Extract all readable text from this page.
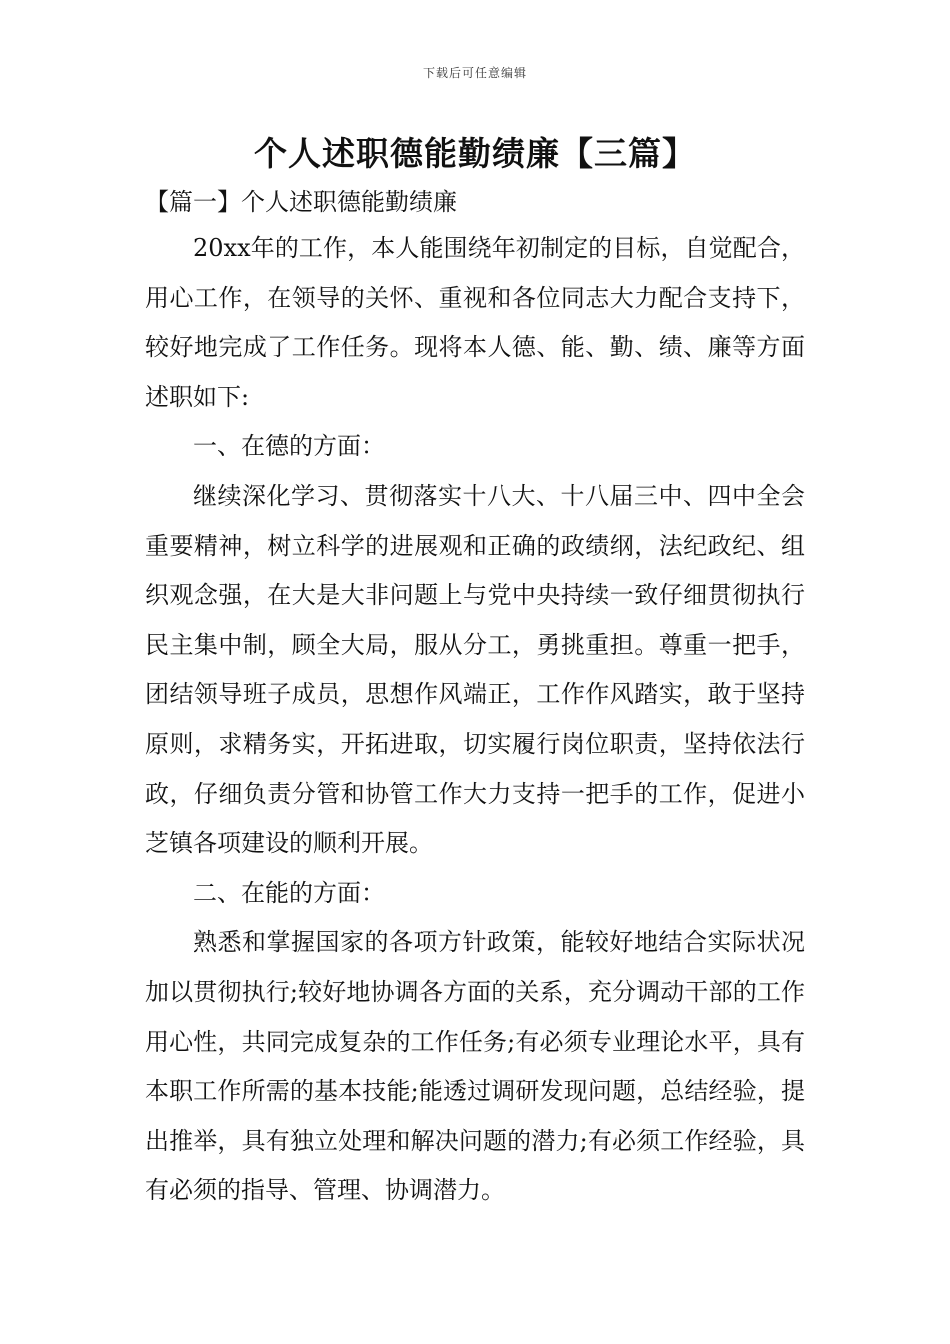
下载后可任意编辑
个人述职德能勤绩廉【三篇】
【篇一】个人述职德能勤绩廉

20xx年的工作，本人能围绕年初制定的目标，自觉配合，用心工作，在领导的关怀、重视和各位同志大力配合支持下，较好地完成了工作任务。现将本人德、能、勤、绩、廉等方面述职如下:

一、在德的方面：

继续深化学习、贯彻落实十八大、十八届三中、四中全会重要精神，树立科学的进展观和正确的政绩纲，法纪政纪、组织观念强，在大是大非问题上与党中央持续一致仔细贯彻执行民主集中制，顾全大局，服从分工，勇挑重担。尊重一把手，团结领导班子成员，思想作风端正，工作作风踏实，敢于坚持原则，求精务实，开拓进取，切实履行岗位职责，坚持依法行政，仔细负责分管和协管工作大力支持一把手的工作，促进小芝镇各项建设的顺利开展。

二、在能的方面：

熟悉和掌握国家的各项方针政策，能较好地结合实际状况加以贯彻执行;较好地协调各方面的关系，充分调动干部的工作用心性，共同完成复杂的工作任务;有必须专业理论水平，具有本职工作所需的基本技能;能透过调研发现问题，总结经验，提出推举，具有独立处理和解决问题的潜力;有必须工作经验，具有必须的指导、管理、协调潜力。
